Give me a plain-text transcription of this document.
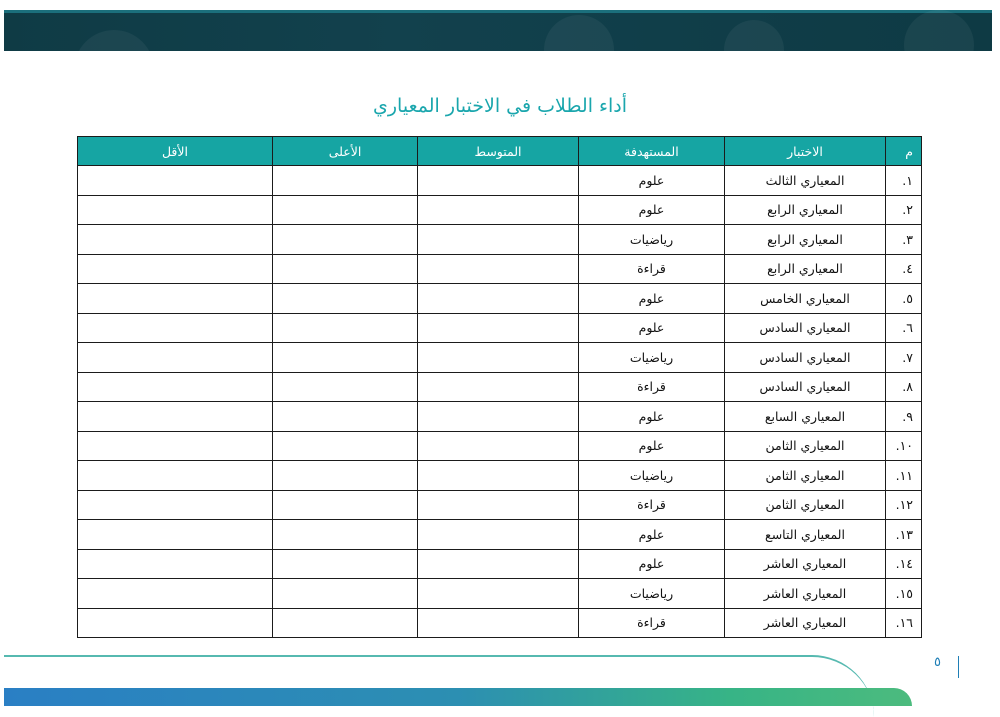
أداء الطلاب في الاختبار المعياري
م	الاختبار	المستهدفة	المتوسط	الأعلى	الأقل
١.	المعياري الثالث	علوم			
٢.	المعياري الرابع	علوم			
٣.	المعياري الرابع	رياضيات			
٤.	المعياري الرابع	قراءة			
٥.	المعياري الخامس	علوم			
٦.	المعياري السادس	علوم			
٧.	المعياري السادس	رياضيات			
٨.	المعياري السادس	قراءة			
٩.	المعياري السابع	علوم			
١٠.	المعياري الثامن	علوم			
١١.	المعياري الثامن	رياضيات			
١٢.	المعياري الثامن	قراءة			
١٣.	المعياري التاسع	علوم			
١٤.	المعياري العاشر	علوم			
١٥.	المعياري العاشر	رياضيات			
١٦.	المعياري العاشر	قراءة			
٥
